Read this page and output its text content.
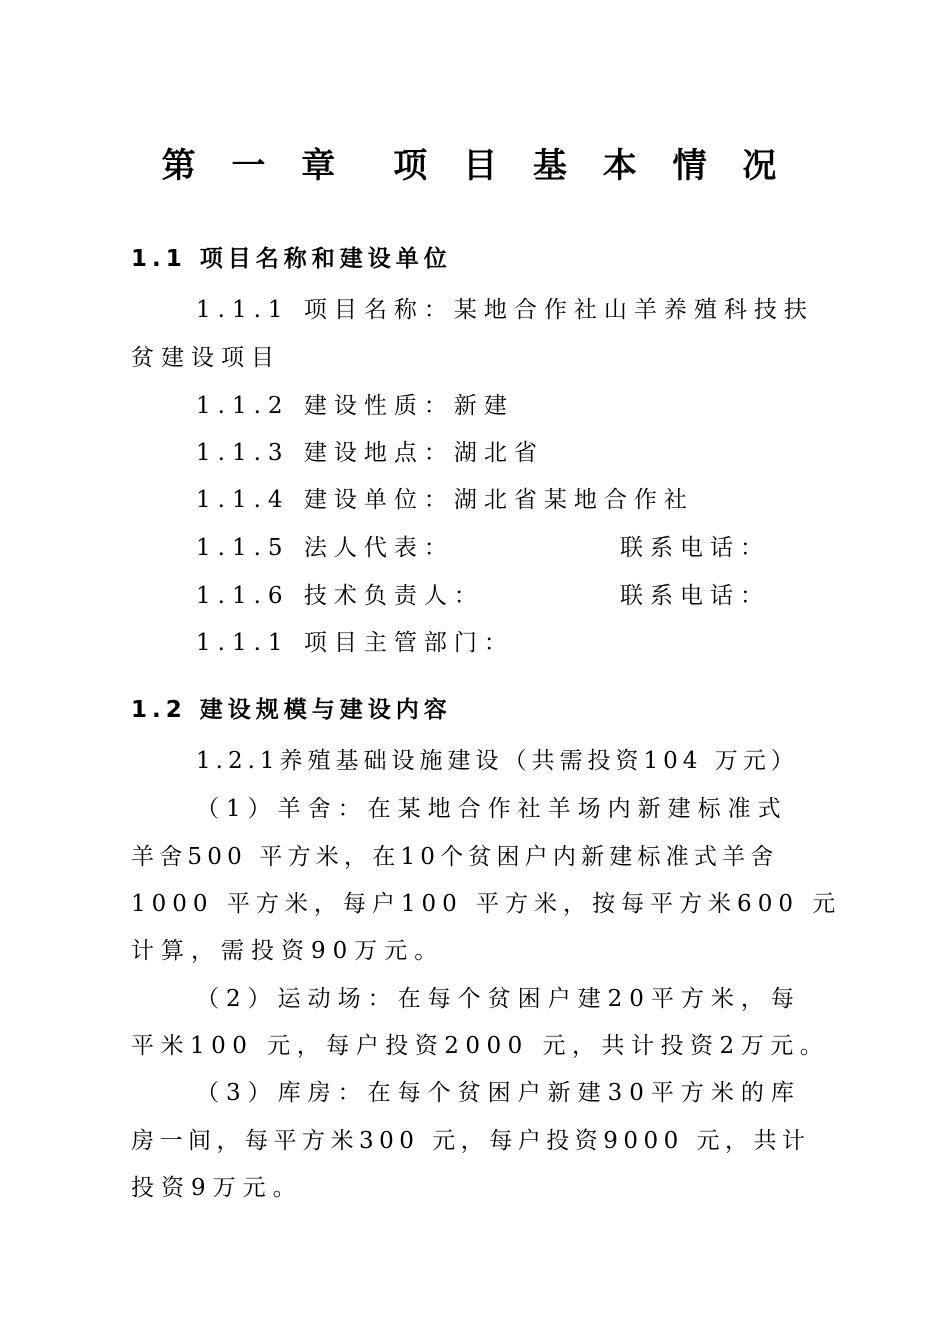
第 一 章　项 目 基 本 情 况
1.1 项目名称和建设单位
1.1.1 项目名称：某地合作社山羊养殖科技扶
贫建设项目
1.1.2 建设性质：新建
1.1.3 建设地点：湖北省
1.1.4 建设单位：湖北省某地合作社
1.1.5 法人代表：	联系电话：
1.1.6 技术负责人：	联系电话：
1.1.1 项目主管部门：
1.2 建设规模与建设内容
1.2.1养殖基础设施建设（共需投资104 万元）
（1）羊舍：在某地合作社羊场内新建标准式
羊舍500 平方米，在10个贫困户内新建标准式羊舍
1000 平方米，每户100 平方米，按每平方米600 元
计算，需投资90万元。
（2）运动场：在每个贫困户建20平方米，每
平米100 元，每户投资2000 元，共计投资2万元。
（3）库房：在每个贫困户新建30平方米的库
房一间，每平方米300 元，每户投资9000 元，共计
投资9万元。
